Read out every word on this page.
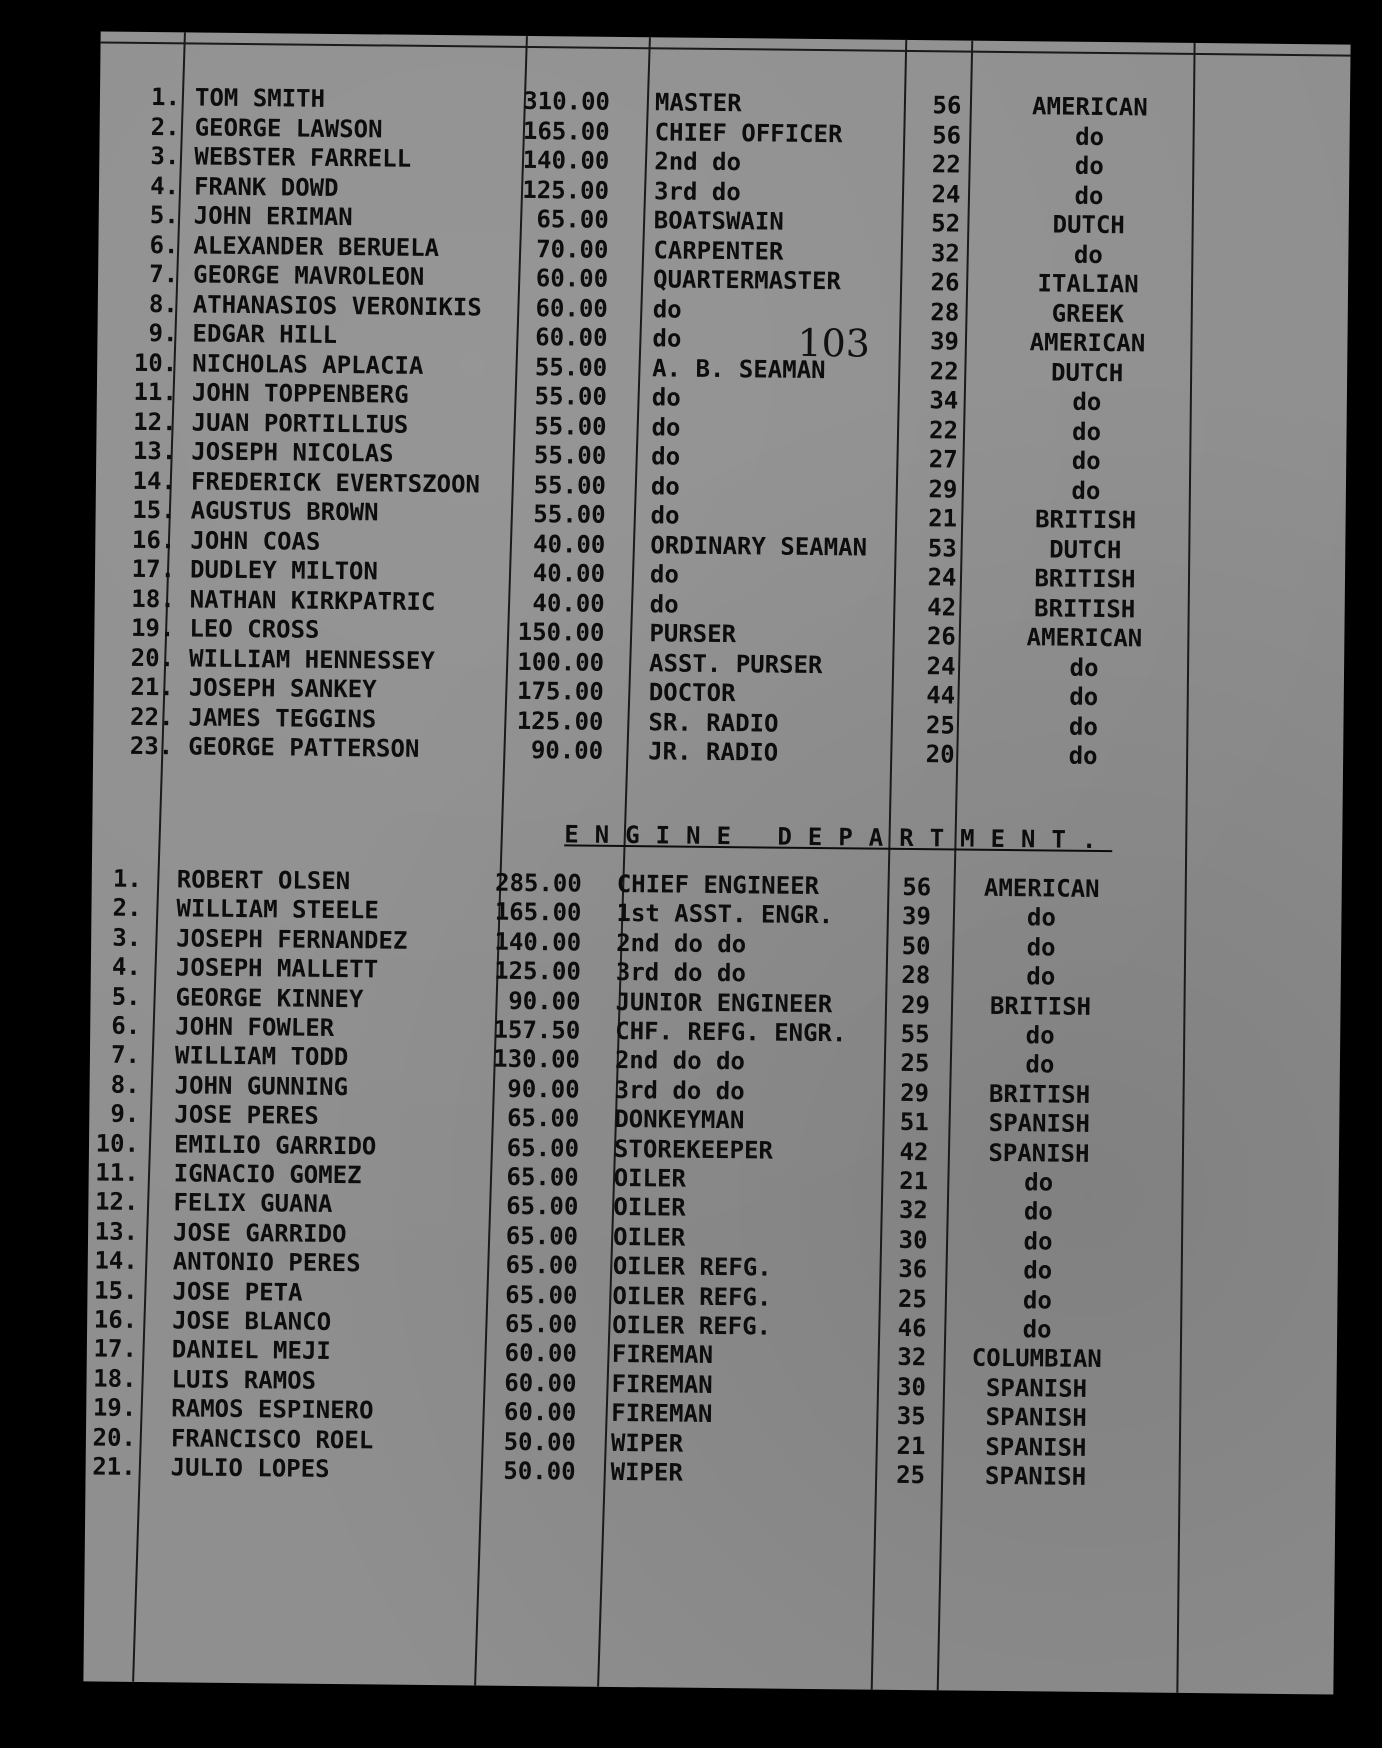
103
1. TOM SMITH	310.00 MASTER	56	AMERICAN
2. GEORGE LAWSON	165.00 CHIEF OFFICER	56	do
3. WEBSTER FARRELL	140.00 2nd do	22	do
4. FRANK DOWD	125.00 3rd do	24	do
5. JOHN ERIMAN	65.00 BOATSWAIN	52	DUTCH
6. ALEXANDER BERUELA	70.00 CARPENTER	32	do
7. GEORGE MAVROLEON	60.00 QUARTERMASTER	26	ITALIAN
8. ATHANASIOS VERONIKIS	60.00 do	28	GREEK
9. EDGAR HILL	60.00 do	39	AMERICAN
10. NICHOLAS APLACIA	55.00 A. B. SEAMAN	22	DUTCH
11. JOHN TOPPENBERG	55.00 do	34	do
12. JUAN PORTILLIUS	55.00 do	22	do
13. JOSEPH NICOLAS	55.00 do	27	do
14. FREDERICK EVERTSZOON	55.00 do	29	do
15. AGUSTUS BROWN	55.00 do	21	BRITISH
16. JOHN COAS	40.00 ORDINARY SEAMAN	53	DUTCH
17. DUDLEY MILTON	40.00 do	24	BRITISH
18. NATHAN KIRKPATRIC	40.00 do	42	BRITISH
19. LEO CROSS	150.00 PURSER	26	AMERICAN
20. WILLIAM HENNESSEY	100.00 ASST. PURSER	24	do
21. JOSEPH SANKEY	175.00 DOCTOR	44	do
22. JAMES TEGGINS	125.00 SR. RADIO	25	do
23. GEORGE PATTERSON	90.00 JR. RADIO	20	do
ENGINE DEPARTMENT.
1. ROBERT OLSEN	285.00 CHIEF ENGINEER	56	AMERICAN
2. WILLIAM STEELE	165.00 1st ASST. ENGR.	39	do
3. JOSEPH FERNANDEZ	140.00 2nd do do	50	do
4. JOSEPH MALLETT	125.00 3rd do do	28	do
5. GEORGE KINNEY	90.00 JUNIOR ENGINEER	29	BRITISH
6. JOHN FOWLER	157.50 CHF. REFG. ENGR.	55	do
7. WILLIAM TODD	130.00 2nd do do	25	do
8. JOHN GUNNING	90.00 3rd do do	29	BRITISH
9. JOSE PERES	65.00 DONKEYMAN	51	SPANISH
10. EMILIO GARRIDO	65.00 STOREKEEPER	42	SPANISH
11. IGNACIO GOMEZ	65.00 OILER	21	do
12. FELIX GUANA	65.00 OILER	32	do
13. JOSE GARRIDO	65.00 OILER	30	do
14. ANTONIO PERES	65.00 OILER REFG.	36	do
15. JOSE PETA	65.00 OILER REFG.	25	do
16. JOSE BLANCO	65.00 OILER REFG.	46	do
17. DANIEL MEJI	60.00 FIREMAN	32	COLUMBIAN
18. LUIS RAMOS	60.00 FIREMAN	30	SPANISH
19. RAMOS ESPINERO	60.00 FIREMAN	35	SPANISH
20. FRANCISCO ROEL	50.00 WIPER	21	SPANISH
21. JULIO LOPES	50.00 WIPER	25	SPANISH
